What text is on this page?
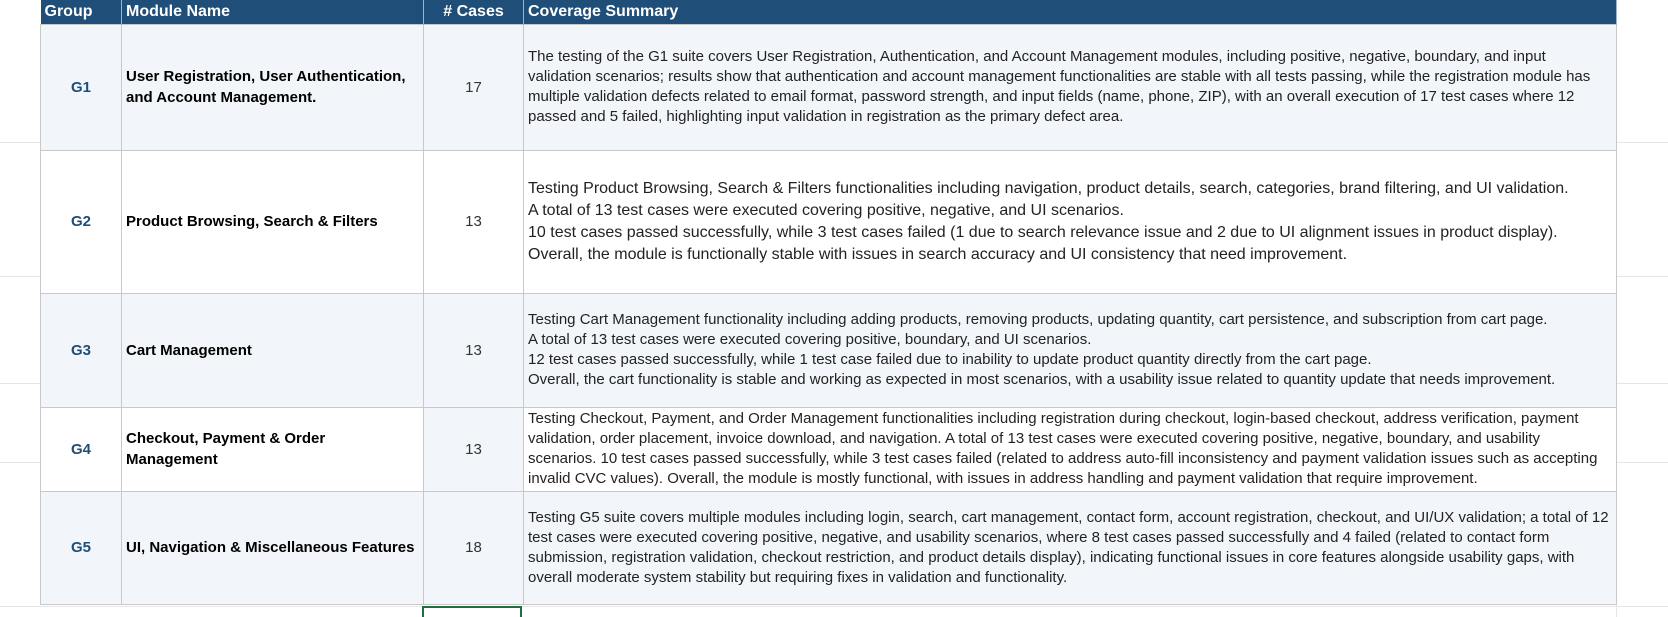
Group	Module Name	# Cases	Coverage Summary
G1	User Registration, User Authentication, and Account Management.	17	The testing of the G1 suite covers User Registration, Authentication, and Account Management modules, including positive, negative, boundary, and input validation scenarios; results show that authentication and account management functionalities are stable with all tests passing, while the registration module has multiple validation defects related to email format, password strength, and input fields (name, phone, ZIP), with an overall execution of 17 test cases where 12 passed and 5 failed, highlighting input validation in registration as the primary defect area.

G2	Product Browsing, Search & Filters	13	Testing Product Browsing, Search & Filters functionalities including navigation, product details, search, categories, brand filtering, and UI validation.

A total of 13 test cases were executed covering positive, negative, and UI scenarios.

10 test cases passed successfully, while 3 test cases failed (1 due to search relevance issue and 2 due to UI alignment issues in product display).

Overall, the module is functionally stable with issues in search accuracy and UI consistency that need improvement.

G3	Cart Management	13	Testing Cart Management functionality including adding products, removing products, updating quantity, cart persistence, and subscription from cart page.

A total of 13 test cases were executed covering positive, boundary, and UI scenarios.

12 test cases passed successfully, while 1 test case failed due to inability to update product quantity directly from the cart page.

Overall, the cart functionality is stable and working as expected in most scenarios, with a usability issue related to quantity update that needs improvement.

G4	Checkout, Payment & Order Management	13	Testing Checkout, Payment, and Order Management functionalities including registration during checkout, login-based checkout, address verification, payment validation, order placement, invoice download, and navigation. A total of 13 test cases were executed covering positive, negative, boundary, and usability scenarios. 10 test cases passed successfully, while 3 test cases failed (related to address auto-fill inconsistency and payment validation issues such as accepting invalid CVC values). Overall, the module is mostly functional, with issues in address handling and payment validation that require improvement.

G5	UI, Navigation & Miscellaneous Features	18	Testing G5 suite covers multiple modules including login, search, cart management, contact form, account registration, checkout, and UI/UX validation; a total of 12 test cases were executed covering positive, negative, and usability scenarios, where 8 test cases passed successfully and 4 failed (related to contact form submission, registration validation, checkout restriction, and product details display), indicating functional issues in core features alongside usability gaps, with overall moderate system stability but requiring fixes in validation and functionality.
